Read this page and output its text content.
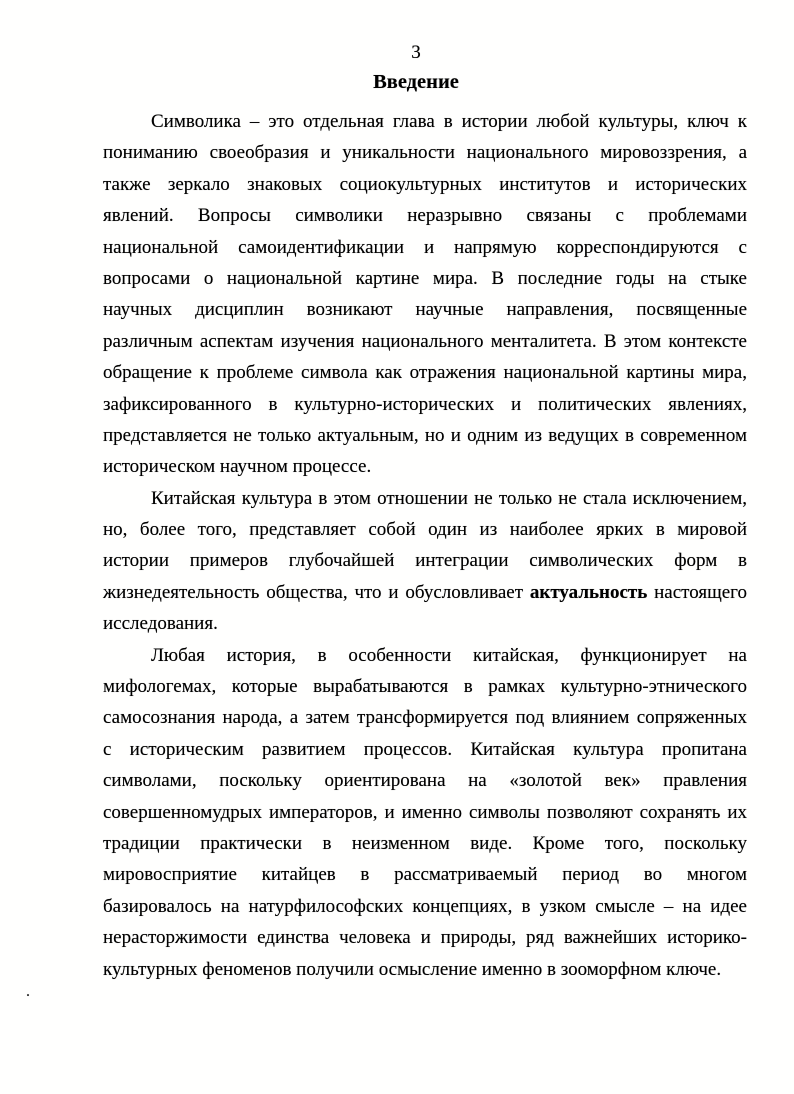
3
Введение
Символика – это отдельная глава в истории любой культуры, ключ к
пониманию своеобразия и уникальности национального мировоззрения, а
также зеркало знаковых социокультурных институтов и исторических
явлений. Вопросы символики неразрывно связаны с проблемами
национальной самоидентификации и напрямую корреспондируются с
вопросами о национальной картине мира. В последние годы на стыке
научных дисциплин возникают научные направления, посвященные
различным аспектам изучения национального менталитета. В этом контексте
обращение к проблеме символа как отражения национальной картины мира,
зафиксированного в культурно-исторических и политических явлениях,
представляется не только актуальным, но и одним из ведущих в современном
историческом научном процессе.
Китайская культура в этом отношении не только не стала исключением,
но, более того, представляет собой один из наиболее ярких в мировой
истории примеров глубочайшей интеграции символических форм в
жизнедеятельность общества, что и обусловливает актуальность настоящего
исследования.
Любая история, в особенности китайская, функционирует на
мифологемах, которые вырабатываются в рамках культурно-этнического
самосознания народа, а затем трансформируется под влиянием сопряженных
с историческим развитием процессов. Китайская культура пропитана
символами, поскольку ориентирована на «золотой век» правления
совершенномудрых императоров, и именно символы позволяют сохранять их
традиции практически в неизменном виде. Кроме того, поскольку
мировосприятие китайцев в рассматриваемый период во многом
базировалось на натурфилософских концепциях, в узком смысле – на идее
нерасторжимости единства человека и природы, ряд важнейших историко-
культурных феноменов получили осмысление именно в зооморфном ключе.
.
